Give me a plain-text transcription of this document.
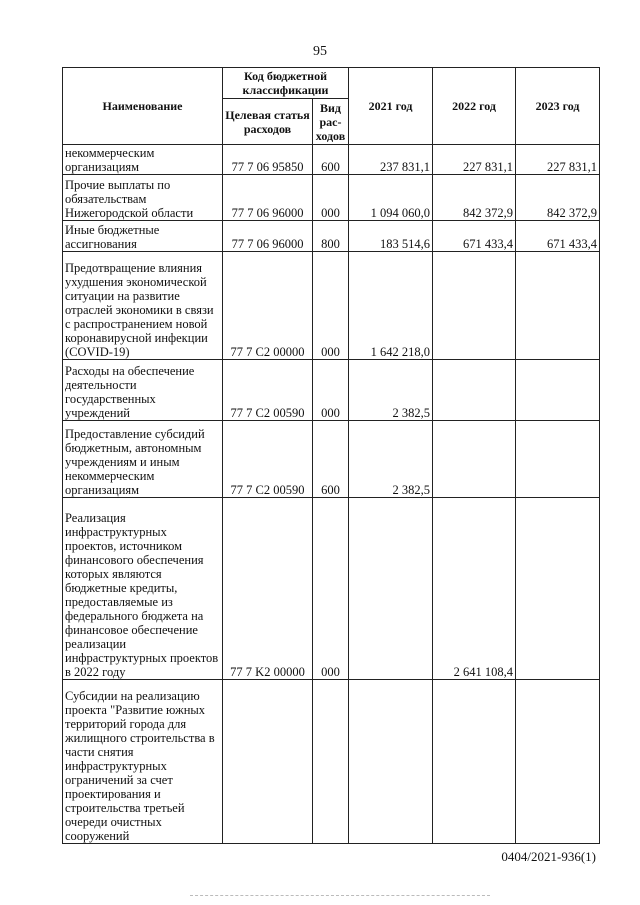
95
Наименование	Код бюджетной классификации		2021 год	2022 год	2023 год
	Целевая статья расходов	Вид рас-ходов			
некоммерческим организациям	77 7 06 95850	600	237 831,1	227 831,1	227 831,1
Прочие выплаты по обязательствам Нижегородской области	77 7 06 96000	000	1 094 060,0	842 372,9	842 372,9
Иные бюджетные ассигнования	77 7 06 96000	800	183 514,6	671 433,4	671 433,4
Предотвращение влияния ухудшения экономической ситуации на развитие отраслей экономики в связи с распространением новой коронавирусной инфекции (COVID-19)	77 7 C2 00000	000	1 642 218,0		
Расходы на обеспечение деятельности государственных учреждений	77 7 C2 00590	000	2 382,5		
Предоставление субсидий бюджетным, автономным учреждениям и иным некоммерческим организациям	77 7 C2 00590	600	2 382,5		
Реализация инфраструктурных проектов, источником финансового обеспечения которых являются бюджетные кредиты, предоставляемые из федерального бюджета на финансовое обеспечение реализации инфраструктурных проектов в 2022 году	77 7 K2 00000	000		2 641 108,4	
Субсидии на реализацию проекта "Развитие южных территорий города для жилищного строительства в части снятия инфраструктурных ограничений за счет проектирования и строительства третьей очереди очистных сооружений					
0404/2021-936(1)
